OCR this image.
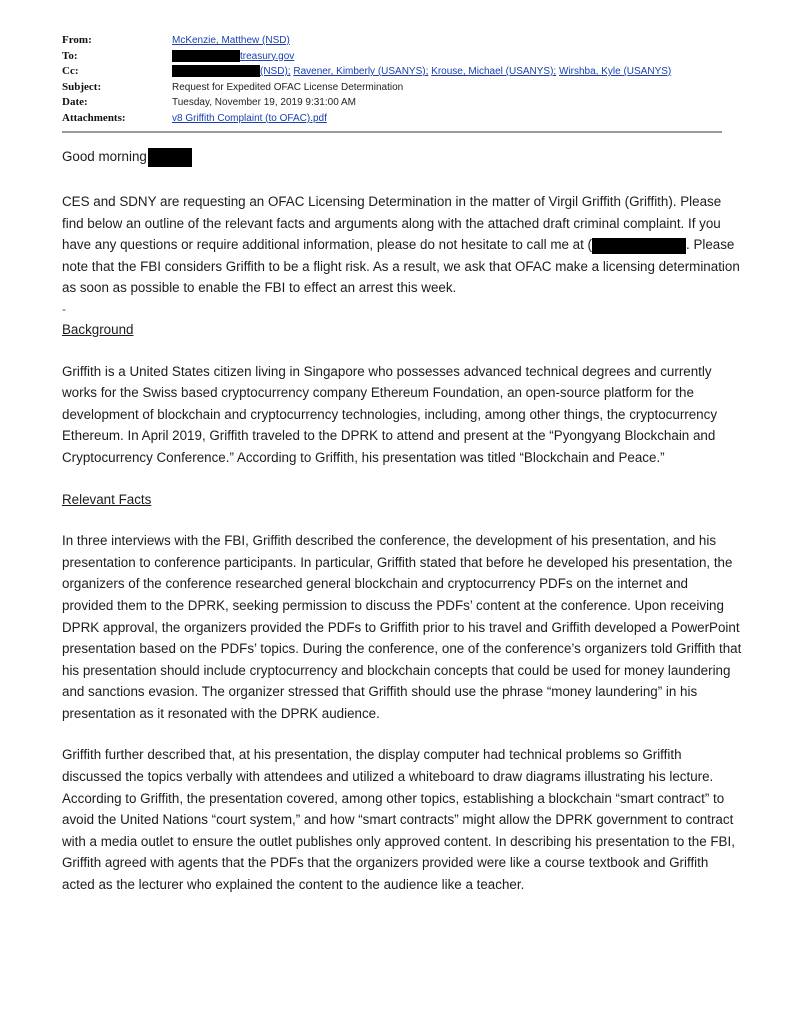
From:	McKenzie, Matthew (NSD)
To:	treasury.gov
Cc:	(NSD); Ravener, Kimberly (USANYS); Krouse, Michael (USANYS); Wirshba, Kyle (USANYS)
Subject:	Request for Expedited OFAC License Determination
Date:	Tuesday, November 19, 2019 9:31:00 AM
Attachments:	v8 Griffith Complaint (to OFAC).pdf

Good morning

CES and SDNY are requesting an OFAC Licensing Determination in the matter of Virgil Griffith (Griffith). Please find below an outline of the relevant facts and arguments along with the attached draft criminal complaint. If you have any questions or require additional information, please do not hesitate to call me at (	. Please note that the FBI considers Griffith to be a flight risk. As a result, we ask that OFAC make a licensing determination as soon as possible to enable the FBI to effect an arrest this week.

-

Background

Griffith is a United States citizen living in Singapore who possesses advanced technical degrees and currently works for the Swiss based cryptocurrency company Ethereum Foundation, an open-source platform for the development of blockchain and cryptocurrency technologies, including, among other things, the cryptocurrency Ethereum. In April 2019, Griffith traveled to the DPRK to attend and present at the “Pyongyang Blockchain and Cryptocurrency Conference.” According to Griffith, his presentation was titled “Blockchain and Peace.”

Relevant Facts

In three interviews with the FBI, Griffith described the conference, the development of his presentation, and his presentation to conference participants. In particular, Griffith stated that before he developed his presentation, the organizers of the conference researched general blockchain and cryptocurrency PDFs on the internet and provided them to the DPRK, seeking permission to discuss the PDFs’ content at the conference. Upon receiving DPRK approval, the organizers provided the PDFs to Griffith prior to his travel and Griffith developed a PowerPoint presentation based on the PDFs’ topics. During the conference, one of the conference’s organizers told Griffith that his presentation should include cryptocurrency and blockchain concepts that could be used for money laundering and sanctions evasion. The organizer stressed that Griffith should use the phrase “money laundering” in his presentation as it resonated with the DPRK audience.

Griffith further described that, at his presentation, the display computer had technical problems so Griffith discussed the topics verbally with attendees and utilized a whiteboard to draw diagrams illustrating his lecture. According to Griffith, the presentation covered, among other topics, establishing a blockchain “smart contract” to avoid the United Nations “court system,” and how “smart contracts” might allow the DPRK government to contract with a media outlet to ensure the outlet publishes only approved content. In describing his presentation to the FBI, Griffith agreed with agents that the PDFs that the organizers provided were like a course textbook and Griffith acted as the lecturer who explained the content to the audience like a teacher.
